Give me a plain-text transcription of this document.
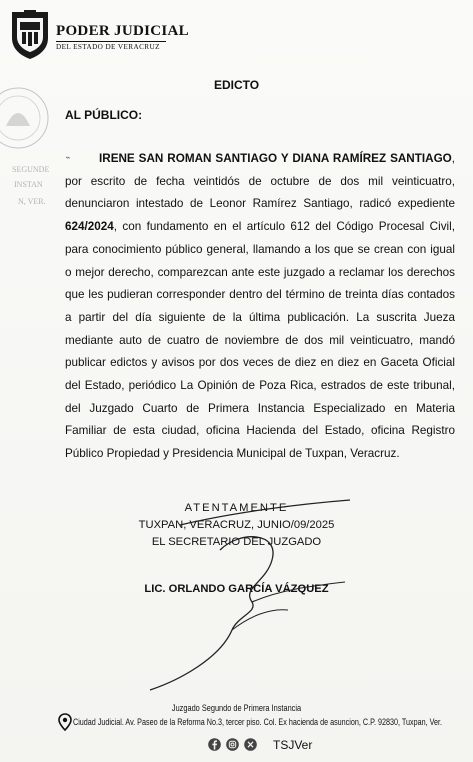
PODER JUDICIAL
DEL ESTADO DE VERACRUZ
SEGUNDE
INSTAN
N, VER.
EDICTO
AL PÚBLICO:
˵	IRENE SAN ROMAN SANTIAGO Y DIANA RAMÍREZ SANTIAGO, por escrito de fecha veintidós de octubre de dos mil veinticuatro, denunciaron intestado de Leonor Ramírez Santiago, radicó expediente 624/2024, con fundamento en el artículo 612 del Código Procesal Civil, para conocimiento público general, llamando a los que se crean con igual o mejor derecho, comparezcan ante este juzgado a reclamar los derechos que les pudieran corresponder dentro del término de treinta días contados a partir del día siguiente de la última publicación. La suscrita Jueza mediante auto de cuatro de noviembre de dos mil veinticuatro, mandó publicar edictos y avisos por dos veces de diez en diez en Gaceta Oficial del Estado, periódico La Opinión de Poza Rica, estrados de este tribunal, del Juzgado Cuarto de Primera Instancia Especializado en Materia Familiar de esta ciudad, oficina Hacienda del Estado, oficina Registro Público Propiedad y Presidencia Municipal de Tuxpan, Veracruz.
ATENTAMENTE
TUXPAN, VERACRUZ, JUNIO/09/2025
EL SECRETARIO DEL JUZGADO
LIC. ORLANDO GARCÍA VÁZQUEZ
Juzgado Segundo de Primera Instancia
Ciudad Judicial. Av. Paseo de la Reforma No.3, tercer piso. Col. Ex hacienda de asuncion, C.P. 92830, Tuxpan, Ver.
TSJVer
